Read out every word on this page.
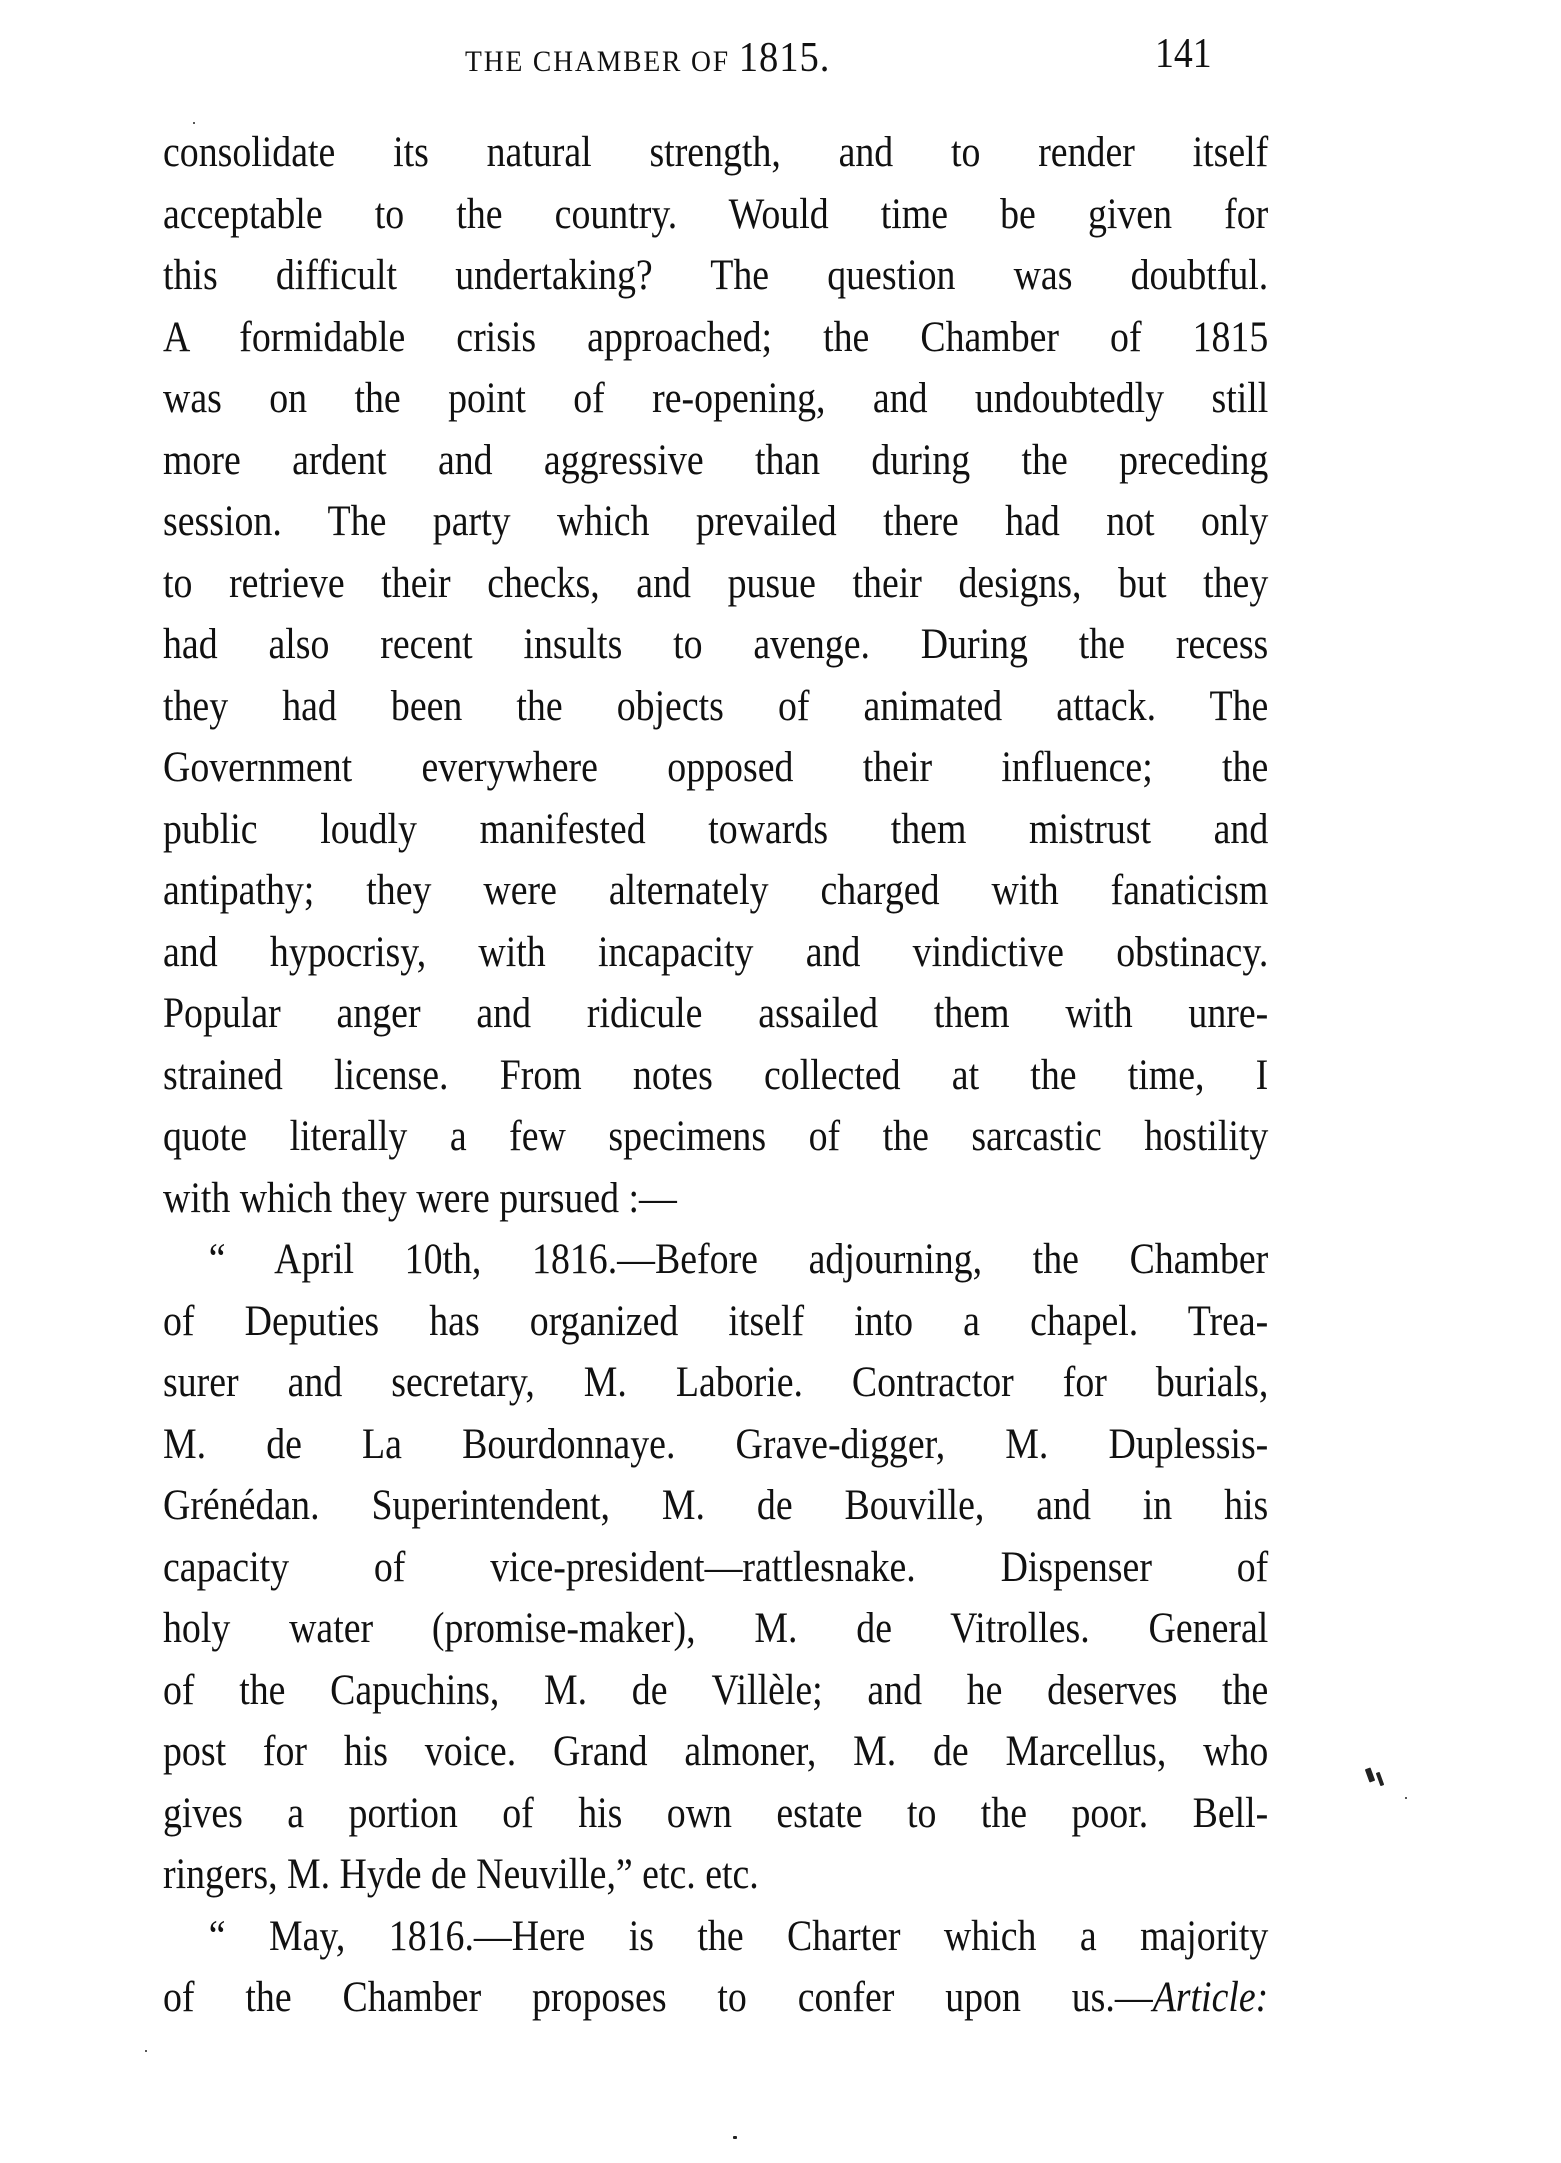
THE CHAMBER OF 1815.	141
consolidate its natural strength, and to render itself
acceptable to the country. Would time be given for
this difficult undertaking? The question was doubtful.
A formidable crisis approached; the Chamber of 1815
was on the point of re-opening, and undoubtedly still
more ardent and aggressive than during the preceding
session. The party which prevailed there had not only
to retrieve their checks, and pusue their designs, but they
had also recent insults to avenge. During the recess
they had been the objects of animated attack. The
Government everywhere opposed their influence; the
public loudly manifested towards them mistrust and
antipathy; they were alternately charged with fanaticism
and hypocrisy, with incapacity and vindictive obstinacy.
Popular anger and ridicule assailed them with unre-
strained license. From notes collected at the time, I
quote literally a few specimens of the sarcastic hostility
with which they were pursued :—
“ April 10th, 1816.—Before adjourning, the Chamber
of Deputies has organized itself into a chapel. Trea-
surer and secretary, M. Laborie. Contractor for burials,
M. de La Bourdonnaye. Grave-digger, M. Duplessis-
Grénédan. Superintendent, M. de Bouville, and in his
capacity of vice-president—rattlesnake. Dispenser of
holy water (promise-maker), M. de Vitrolles. General
of the Capuchins, M. de Villèle; and he deserves the
post for his voice. Grand almoner, M. de Marcellus, who
gives a portion of his own estate to the poor. Bell-
ringers, M. Hyde de Neuville,” etc. etc.
“ May, 1816.—Here is the Charter which a majority
of the Chamber proposes to confer upon us.—Article:
